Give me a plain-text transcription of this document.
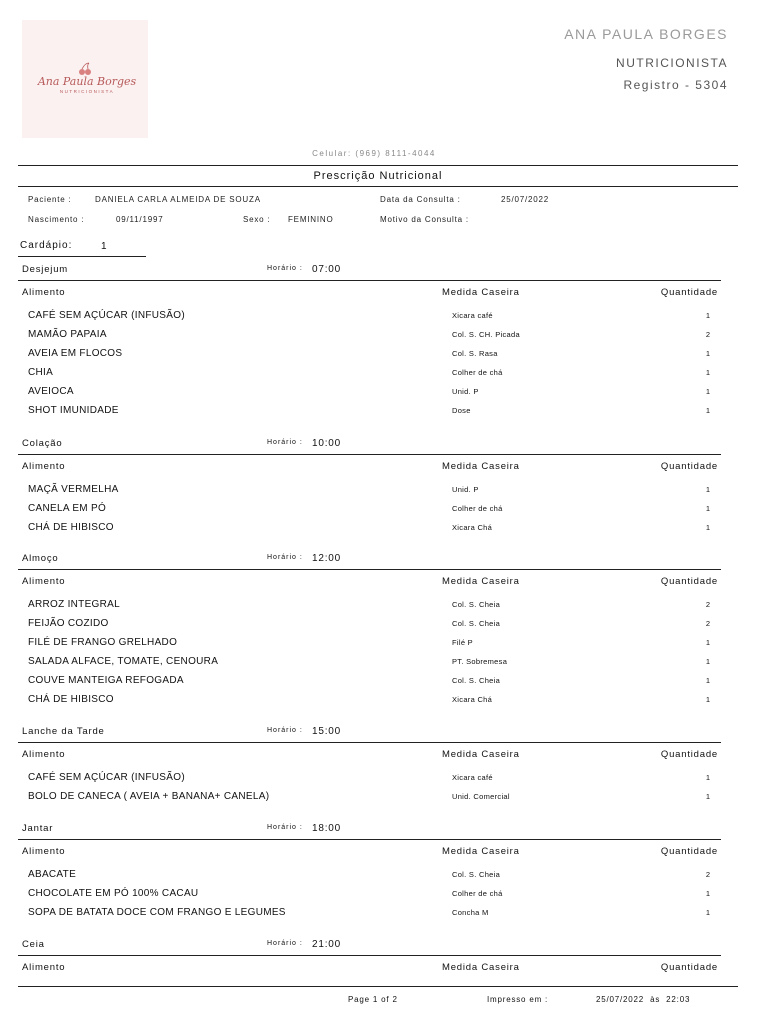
Ana Paula Borges
NUTRICIONISTA
ANA PAULA BORGES
NUTRICIONISTA
Registro - 5304
Celular: (969) 8111-4044
Prescrição Nutricional
Paciente :	DANIELA CARLA ALMEIDA DE SOUZA	Data da Consulta :	25/07/2022
Nascimento :	09/11/1997	Sexo : FEMININO	Motivo da Consulta :
Cardápio:	1
Desjejum	Horário : 07:00
Alimento	Medida Caseira	Quantidade
CAFÉ SEM AÇÚCAR (INFUSÃO)	Xicara café	1
MAMÃO PAPAIA	Col. S. CH. Picada	2
AVEIA EM FLOCOS	Col. S. Rasa	1
CHIA	Colher de chá	1
AVEIOCA	Unid. P	1
SHOT IMUNIDADE	Dose	1
Colação	Horário : 10:00
Alimento	Medida Caseira	Quantidade
MAÇÃ VERMELHA	Unid. P	1
CANELA EM PÓ	Colher de chá	1
CHÁ DE HIBISCO	Xicara Chá	1
Almoço	Horário : 12:00
Alimento	Medida Caseira	Quantidade
ARROZ INTEGRAL	Col. S. Cheia	2
FEIJÃO COZIDO	Col. S. Cheia	2
FILÉ DE FRANGO GRELHADO	Filé P	1
SALADA ALFACE, TOMATE, CENOURA	PT. Sobremesa	1
COUVE MANTEIGA REFOGADA	Col. S. Cheia	1
CHÁ DE HIBISCO	Xicara Chá	1
Lanche da Tarde	Horário : 15:00
Alimento	Medida Caseira	Quantidade
CAFÉ SEM AÇÚCAR (INFUSÃO)	Xicara café	1
BOLO DE CANECA ( AVEIA + BANANA+ CANELA)	Unid. Comercial	1
Jantar	Horário : 18:00
Alimento	Medida Caseira	Quantidade
ABACATE	Col. S. Cheia	2
CHOCOLATE EM PÓ 100% CACAU	Colher de chá	1
SOPA DE BATATA DOCE COM FRANGO E LEGUMES	Concha M	1
Ceia	Horário : 21:00
Alimento	Medida Caseira	Quantidade
Page 1 of 2	Impresso em :	25/07/2022  às  22:03
